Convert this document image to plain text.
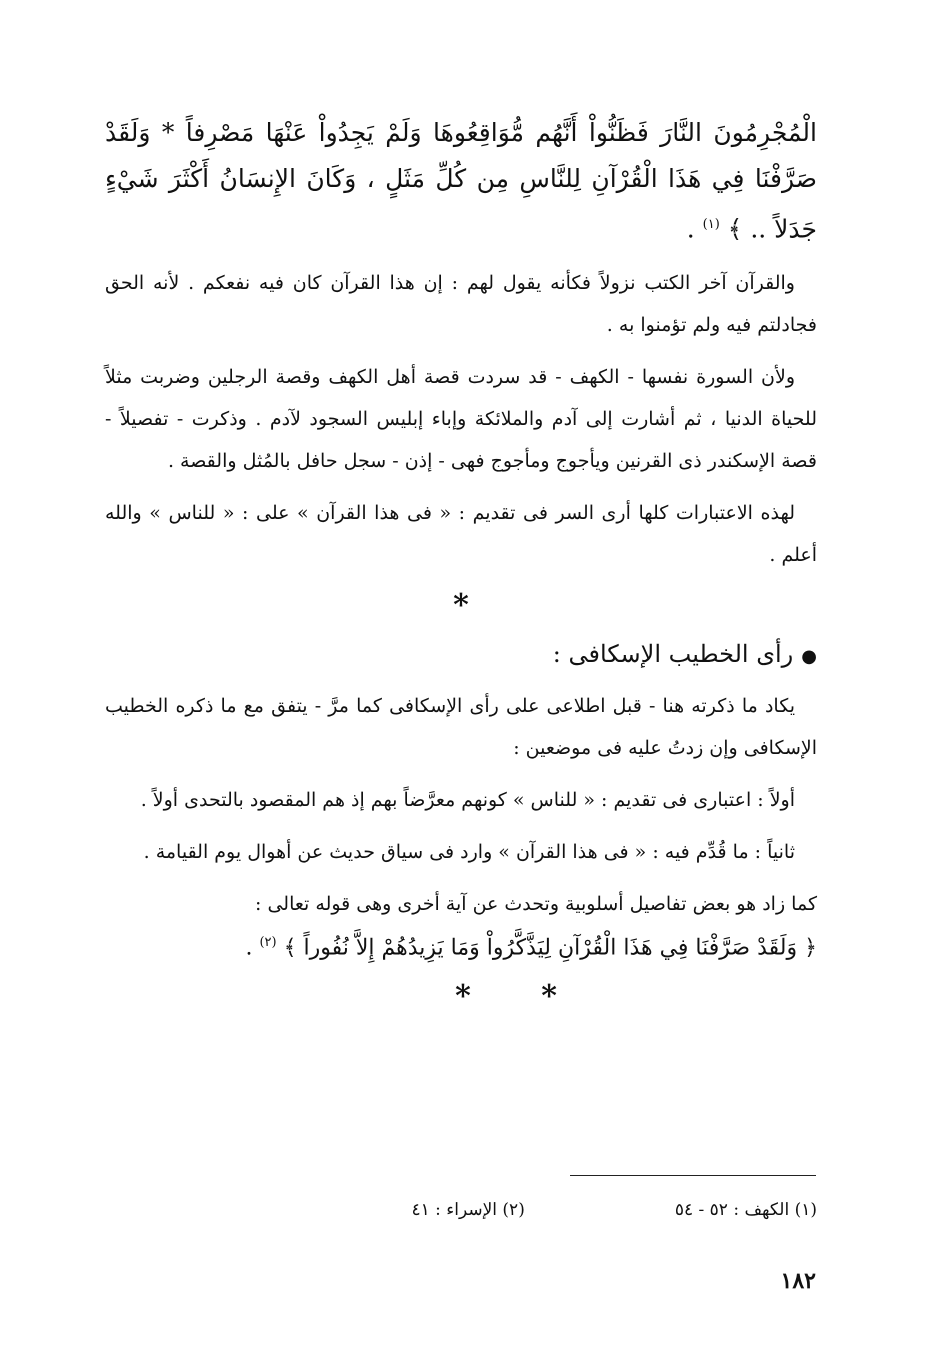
الْمُجْرِمُونَ النَّارَ فَظَنُّواْ أَنَّهُم مُّوَاقِعُوهَا وَلَمْ يَجِدُواْ عَنْهَا مَصْرِفاً * وَلَقَدْ صَرَّفْنَا فِي هَذَا الْقُرْآنِ لِلنَّاسِ مِن كُلِّ مَثَلٍ ، وَكَانَ الإِنسَانُ أَكْثَرَ شَيْءٍ جَدَلاً .. ﴾ $^{(١)}$ .

والقرآن آخر الكتب نزولاً فكأنه يقول لهم : إن هذا القرآن كان فيه نفعكم . لأنه الحق فجادلتم فيه ولم تؤمنوا به .

ولأن السورة نفسها - الكهف - قد سردت قصة أهل الكهف وقصة الرجلين وضربت مثلاً للحياة الدنيا ، ثم أشارت إلى آدم والملائكة وإباء إبليس السجود لآدم . وذكرت - تفصيلاً - قصة الإسكندر ذى القرنين ويأجوج ومأجوج فهى - إذن - سجل حافل بالمُثل والقصة .

لهذه الاعتبارات كلها أرى السر فى تقديم : « فى هذا القرآن » على : « للناس » والله أعلم .

*
●رأى الخطيب الإسكافى :

يكاد ما ذكرته هنا - قبل اطلاعى على رأى الإسكافى كما مرَّ - يتفق مع ما ذكره الخطيب الإسكافى وإن زدتُ عليه فى موضعين :

أولاً : اعتبارى فى تقديم : « للناس » كونهم معرَّضاً بهم إذ هم المقصود بالتحدى أولاً .

ثانياً : ما قُدِّم فيه : « فى هذا القرآن » وارد فى سياق حديث عن أهوال يوم القيامة .

كما زاد هو بعض تفاصيل أسلوبية وتحدث عن آية أخرى وهى قوله تعالى :

﴿ وَلَقَدْ صَرَّفْنَا فِي هَذَا الْقُرْآنِ لِيَذَّكَّرُواْ وَمَا يَزِيدُهُمْ إِلاَّ نُفُوراً ﴾ $^{(٢)}$ .

* *
(١) الكهف : ٥٢ - ٥٤
(٢) الإسراء : ٤١
١٨٢
